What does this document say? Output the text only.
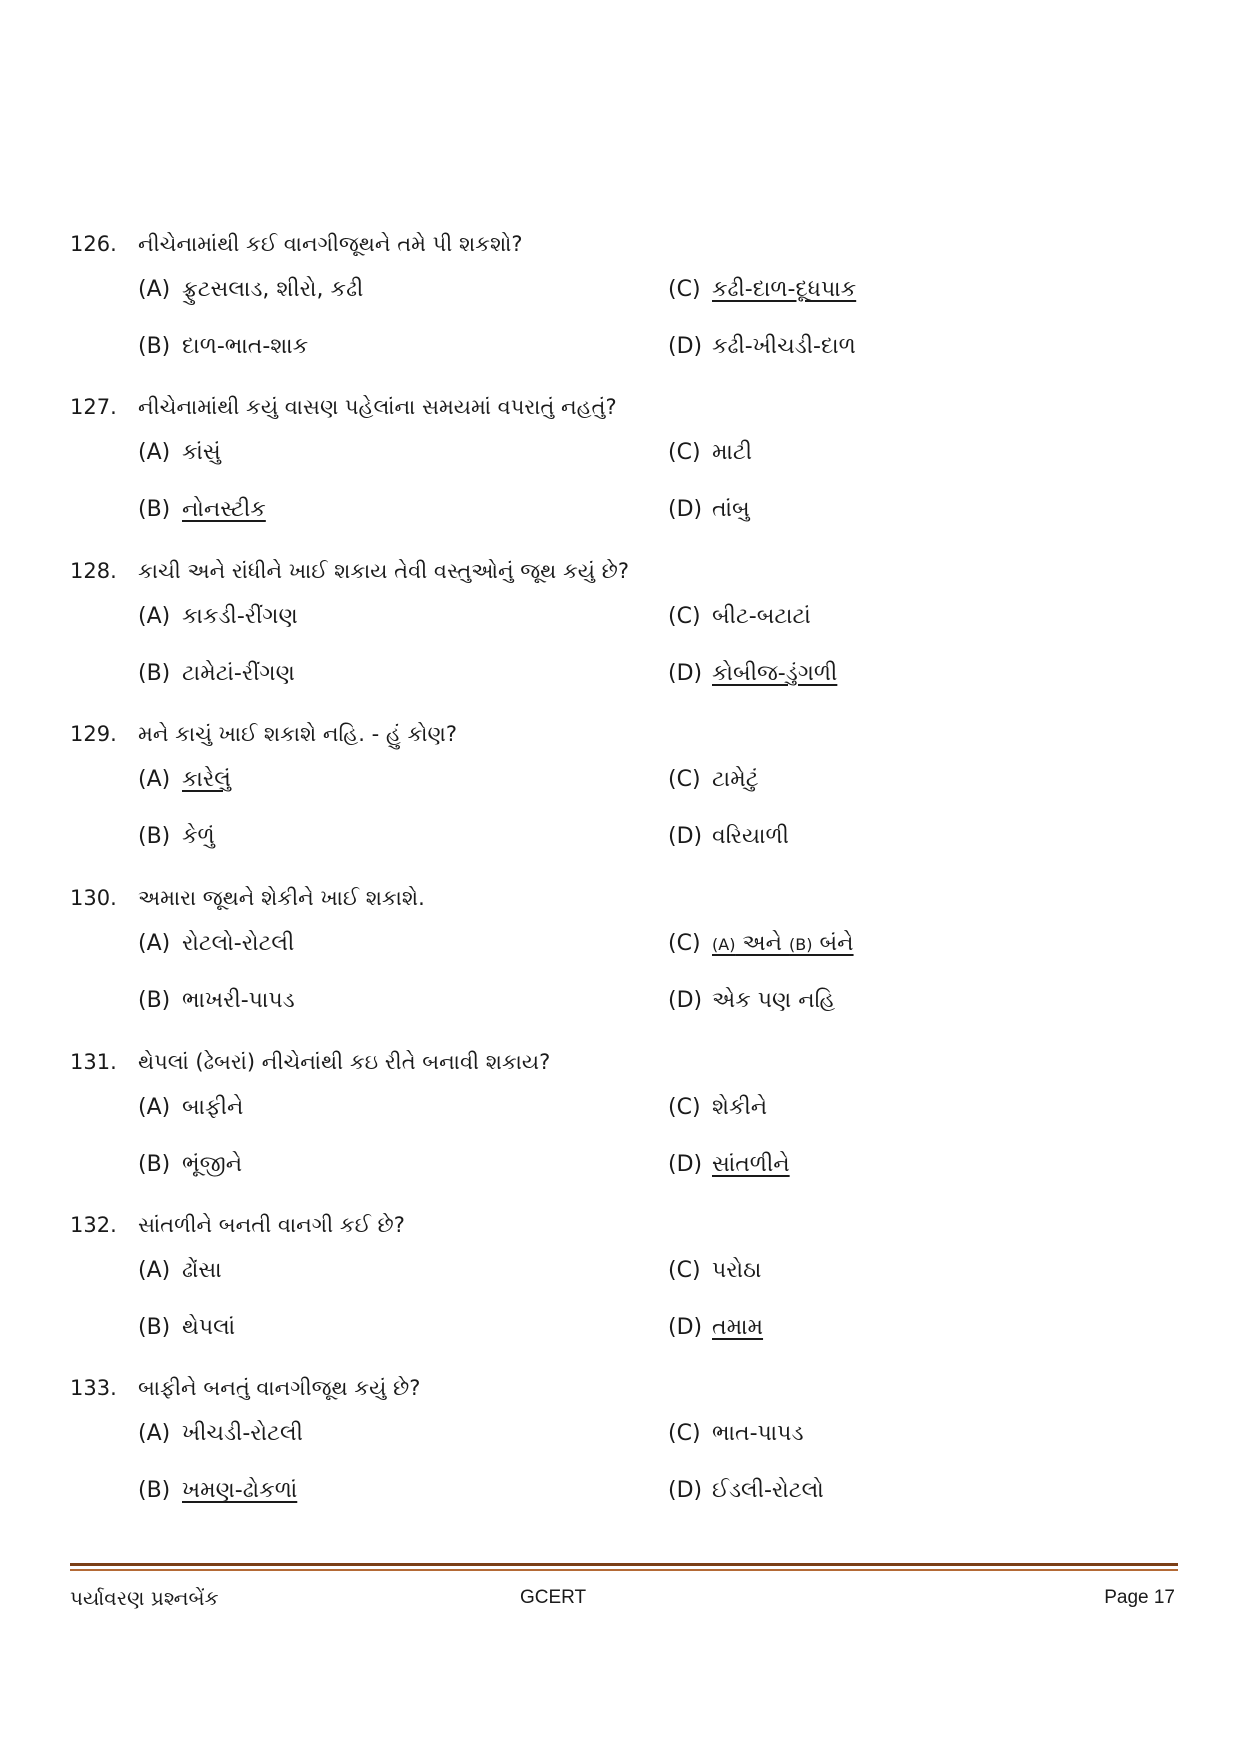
126. નીચેનામાંથી કઈ વાનગીજૂથને તમે પી શકશો?
(A) ફ્રુટસલાડ, શીરો, કઢી
(B) દાળ-ભાત-શાક
(C) કઢી-દાળ-દૂધપાક
(D) કઢી-ખીચડી-દાળ
127. નીચેનામાંથી કયું વાસણ પહેલાંના સમયમાં વપરાતું નહતું?
(A) કાંસું
(B) નોનસ્ટીક
(C) માટી
(D) તાંબુ
128. કાચી અને રાંધીને ખાઈ શકાય તેવી વસ્તુઓનું જૂથ કયું છે?
(A) કાકડી-રીંગણ
(B) ટામેટાં-રીંગણ
(C) બીટ-બટાટાં
(D) કોબીજ-ડુંગળી
129. મને કાચું ખાઈ શકાશે નહિ. - હું કોણ?
(A) કારેલું
(B) કેળું
(C) ટામેટું
(D) વરિયાળી
130. અમારા જૂથને શેકીને ખાઈ શકાશે.
(A) રોટલો-રોટલી
(B) ભાખરી-પાપડ
(C) (A) અને (B) બંને
(D) એક પણ નહિ
131. થેપલાં (ઢેબરાં) નીચેનાંથી કઇ રીતે બનાવી શકાય?
(A) બાફીને
(B) ભૂંજીને
(C) શેકીને
(D) સાંતળીને
132. સાંતળીને બનતી વાનગી કઈ છે?
(A) ઢોંસા
(B) થેપલાં
(C) પરોઠા
(D) તમામ
133. બાફીને બનતું વાનગીજૂથ કયું છે?
(A) ખીચડી-રોટલી
(B) ખમણ-ઢોકળાં
(C) ભાત-પાપડ
(D) ઈડલી-રોટલો
પર્યાવરણ પ્રશ્નબેંક	GCERT	Page 17
